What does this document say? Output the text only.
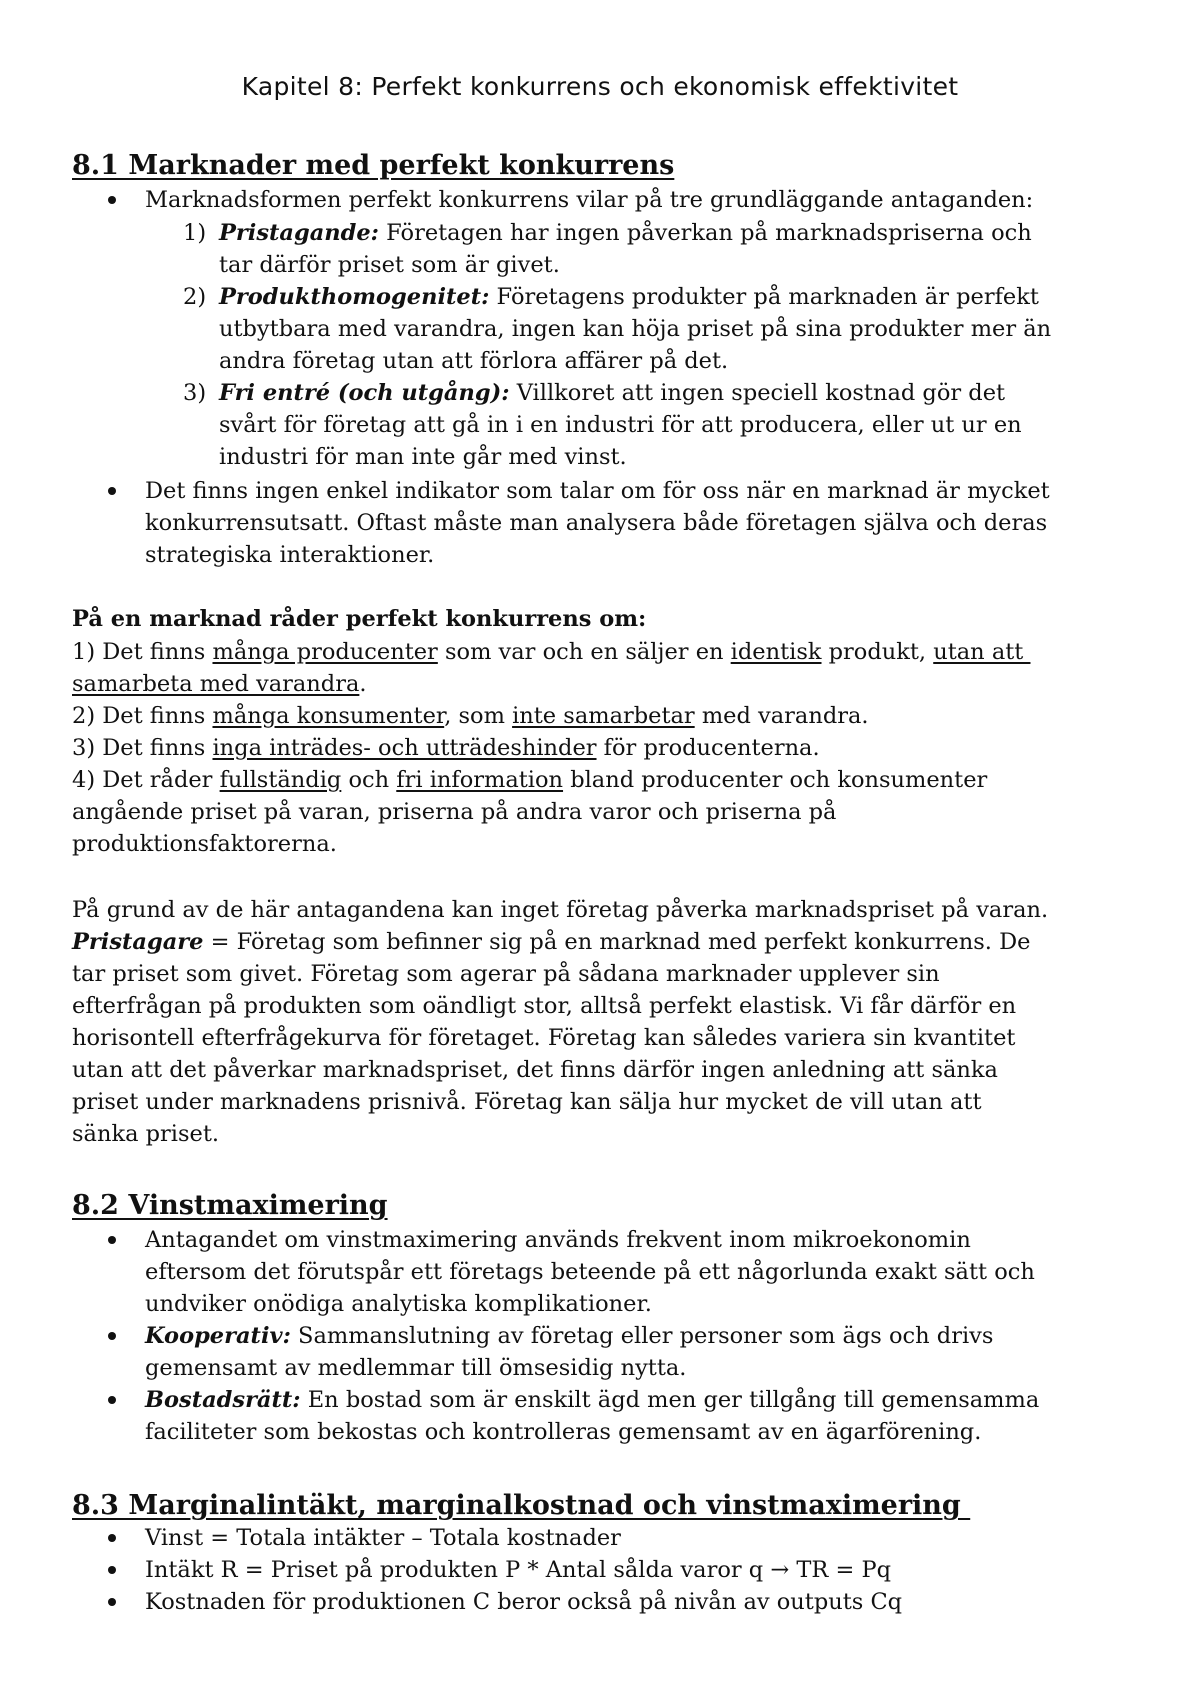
Kapitel 8: Perfekt konkurrens och ekonomisk effektivitet
8.1 Marknader med perfekt konkurrens
Marknadsformen perfekt konkurrens vilar på tre grundläggande antaganden:
1) Pristagande: Företagen har ingen påverkan på marknadspriserna och
tar därför priset som är givet.
2) Produkthomogenitet: Företagens produkter på marknaden är perfekt
utbytbara med varandra, ingen kan höja priset på sina produkter mer än
andra företag utan att förlora affärer på det.
3) Fri entré (och utgång): Villkoret att ingen speciell kostnad gör det
svårt för företag att gå in i en industri för att producera, eller ut ur en
industri för man inte går med vinst.
Det finns ingen enkel indikator som talar om för oss när en marknad är mycket
konkurrensutsatt. Oftast måste man analysera både företagen själva och deras
strategiska interaktioner.
På en marknad råder perfekt konkurrens om:
1) Det finns många producenter som var och en säljer en identisk produkt, utan att
samarbeta med varandra.
2) Det finns många konsumenter, som inte samarbetar med varandra.
3) Det finns inga inträdes- och utträdeshinder för producenterna.
4) Det råder fullständig och fri information bland producenter och konsumenter
angående priset på varan, priserna på andra varor och priserna på
produktionsfaktorerna.
På grund av de här antagandena kan inget företag påverka marknadspriset på varan.
Pristagare = Företag som befinner sig på en marknad med perfekt konkurrens. De
tar priset som givet. Företag som agerar på sådana marknader upplever sin
efterfrågan på produkten som oändligt stor, alltså perfekt elastisk. Vi får därför en
horisontell efterfrågekurva för företaget. Företag kan således variera sin kvantitet
utan att det påverkar marknadspriset, det finns därför ingen anledning att sänka
priset under marknadens prisnivå. Företag kan sälja hur mycket de vill utan att
sänka priset.
8.2 Vinstmaximering
Antagandet om vinstmaximering används frekvent inom mikroekonomin
eftersom det förutspår ett företags beteende på ett någorlunda exakt sätt och
undviker onödiga analytiska komplikationer.
Kooperativ: Sammanslutning av företag eller personer som ägs och drivs
gemensamt av medlemmar till ömsesidig nytta.
Bostadsrätt: En bostad som är enskilt ägd men ger tillgång till gemensamma
faciliteter som bekostas och kontrolleras gemensamt av en ägarförening.
8.3 Marginalintäkt, marginalkostnad och vinstmaximering
Vinst = Totala intäkter – Totala kostnader
Intäkt R = Priset på produkten P * Antal sålda varor q → TR = Pq
Kostnaden för produktionen C beror också på nivån av outputs Cq
